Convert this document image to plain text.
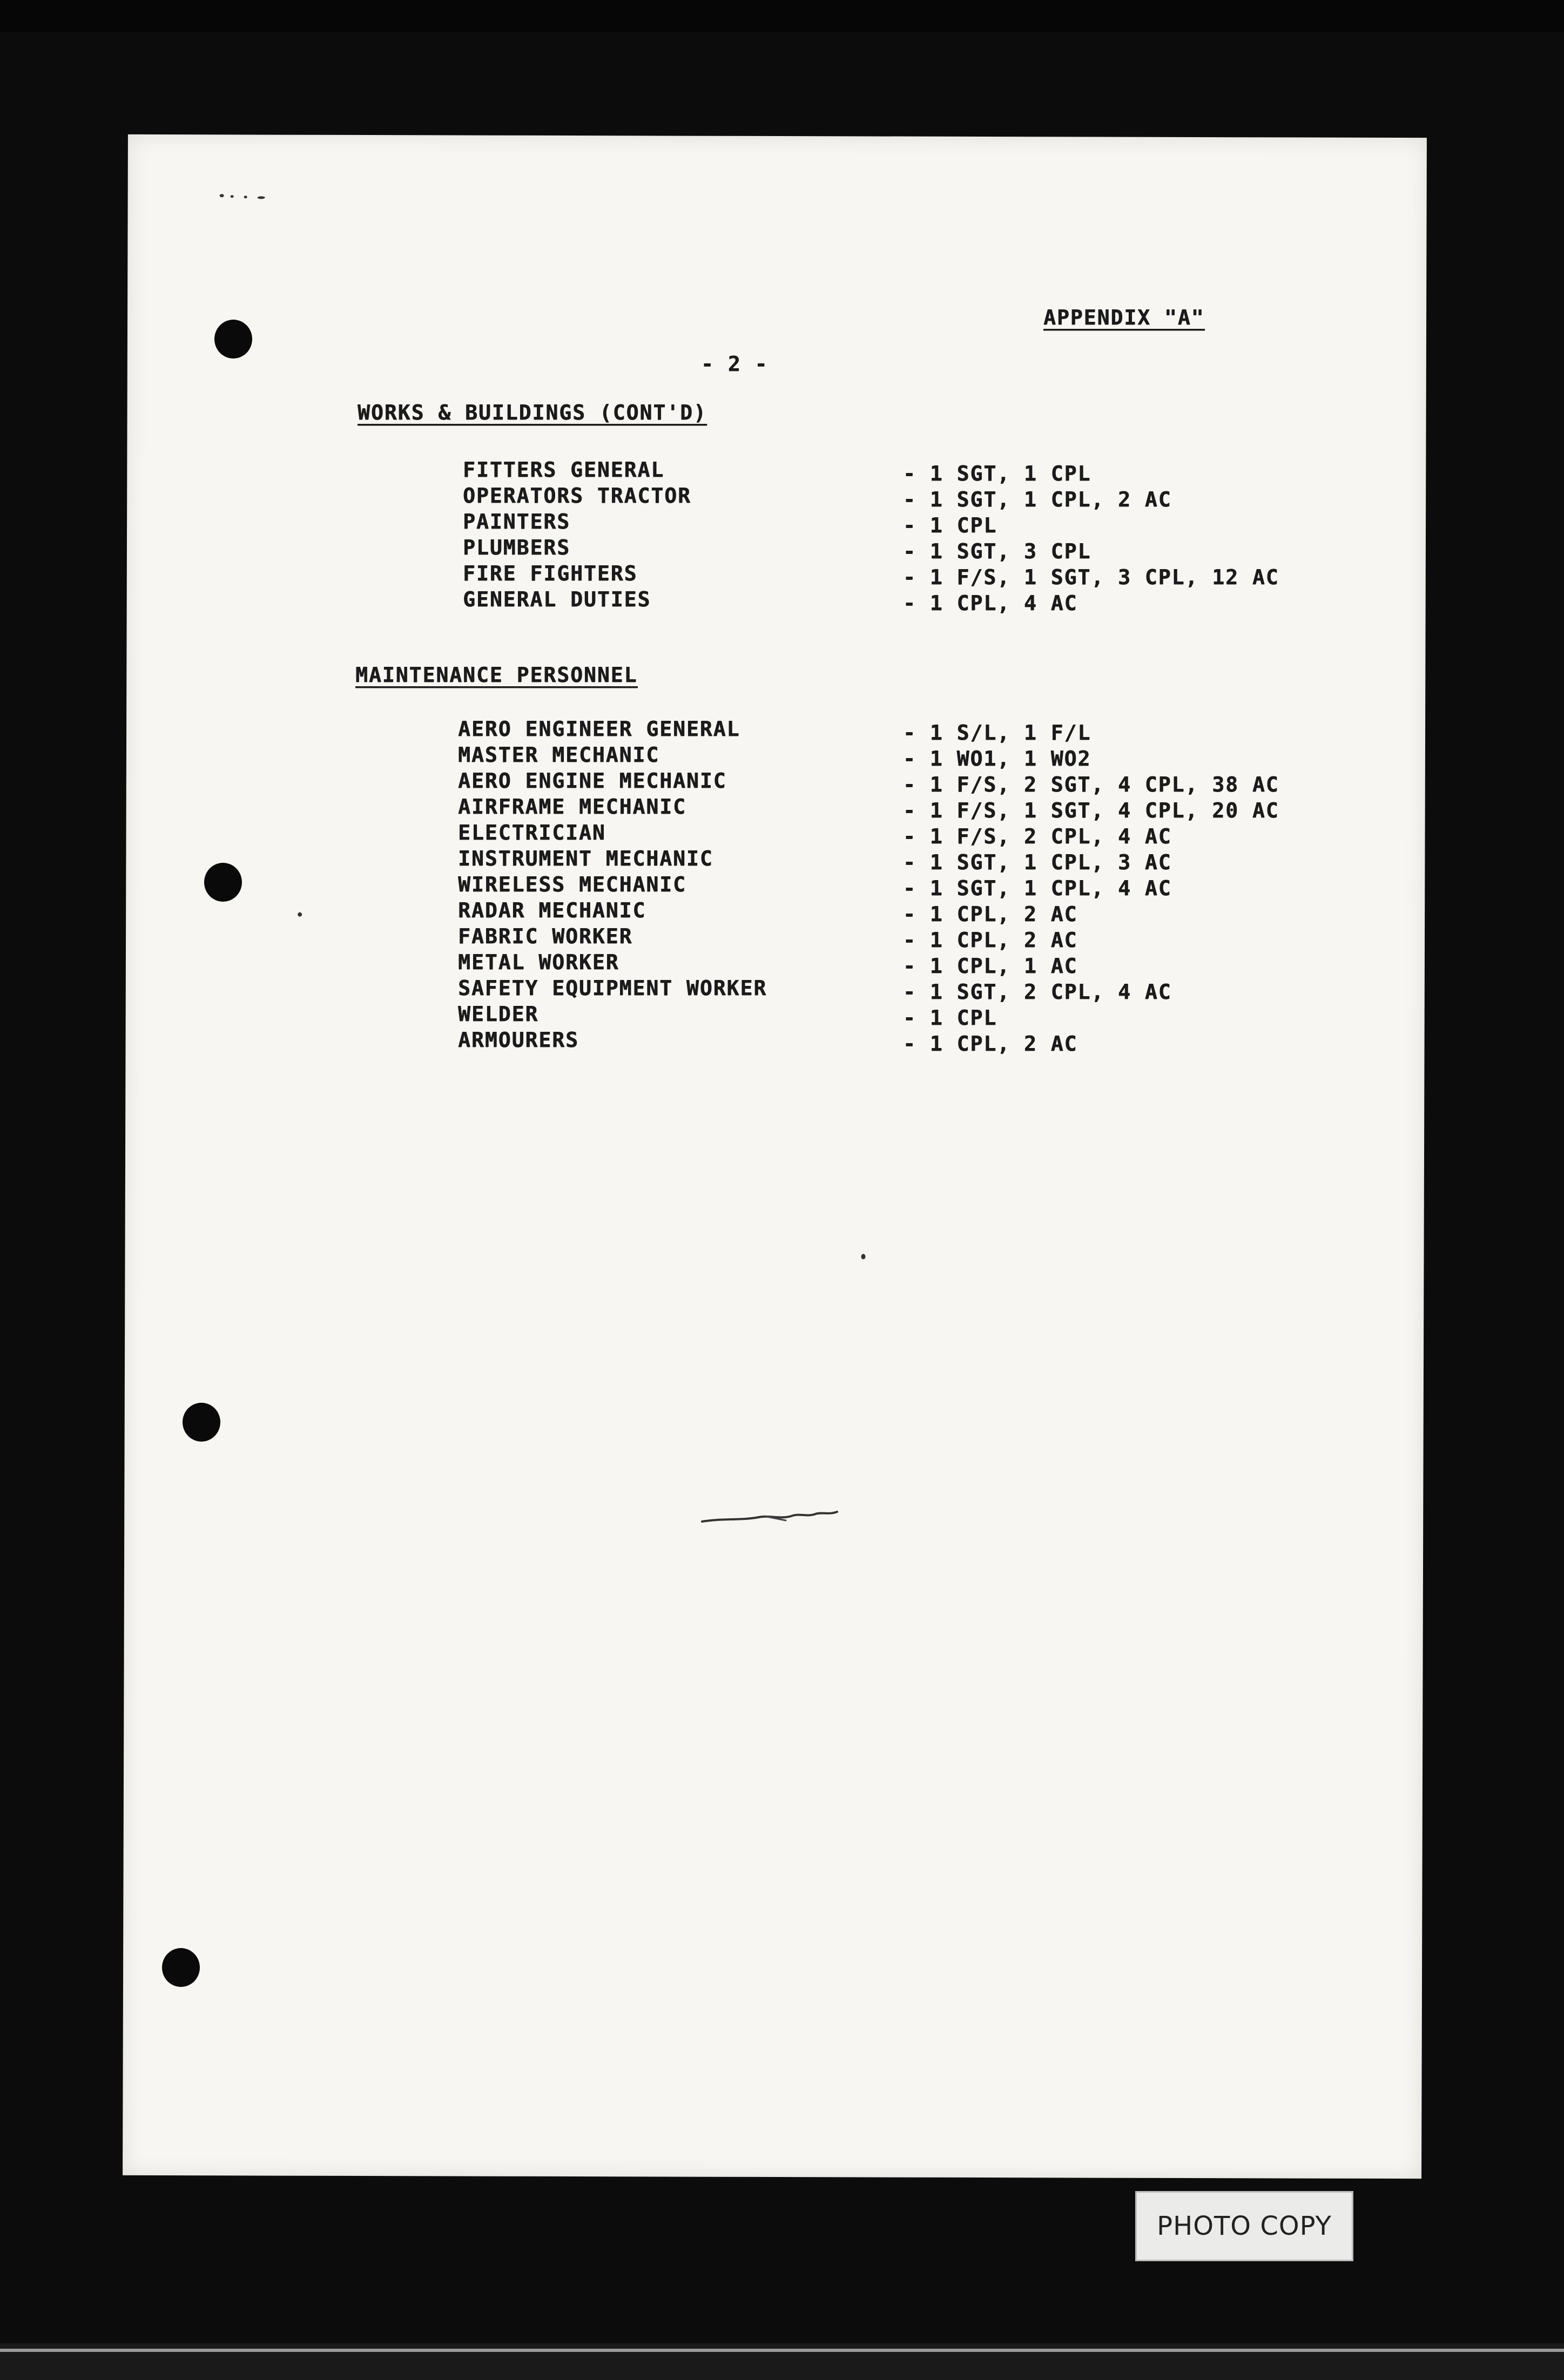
APPENDIX "A"
- 2 -
WORKS & BUILDINGS (CONT'D)
FITTERS GENERAL	- 1 SGT, 1 CPL
OPERATORS TRACTOR	- 1 SGT, 1 CPL, 2 AC
PAINTERS	- 1 CPL
PLUMBERS	- 1 SGT, 3 CPL
FIRE FIGHTERS	- 1 F/S, 1 SGT, 3 CPL, 12 AC
GENERAL DUTIES	- 1 CPL, 4 AC
MAINTENANCE PERSONNEL
AERO ENGINEER GENERAL	- 1 S/L, 1 F/L
MASTER MECHANIC	- 1 WO1, 1 WO2
AERO ENGINE MECHANIC	- 1 F/S, 2 SGT, 4 CPL, 38 AC
AIRFRAME MECHANIC	- 1 F/S, 1 SGT, 4 CPL, 20 AC
ELECTRICIAN	- 1 F/S, 2 CPL, 4 AC
INSTRUMENT MECHANIC	- 1 SGT, 1 CPL, 3 AC
WIRELESS MECHANIC	- 1 SGT, 1 CPL, 4 AC
RADAR MECHANIC	- 1 CPL, 2 AC
FABRIC WORKER	- 1 CPL, 2 AC
METAL WORKER	- 1 CPL, 1 AC
SAFETY EQUIPMENT WORKER	- 1 SGT, 2 CPL, 4 AC
WELDER	- 1 CPL
ARMOURERS	- 1 CPL, 2 AC
PHOTO COPY
